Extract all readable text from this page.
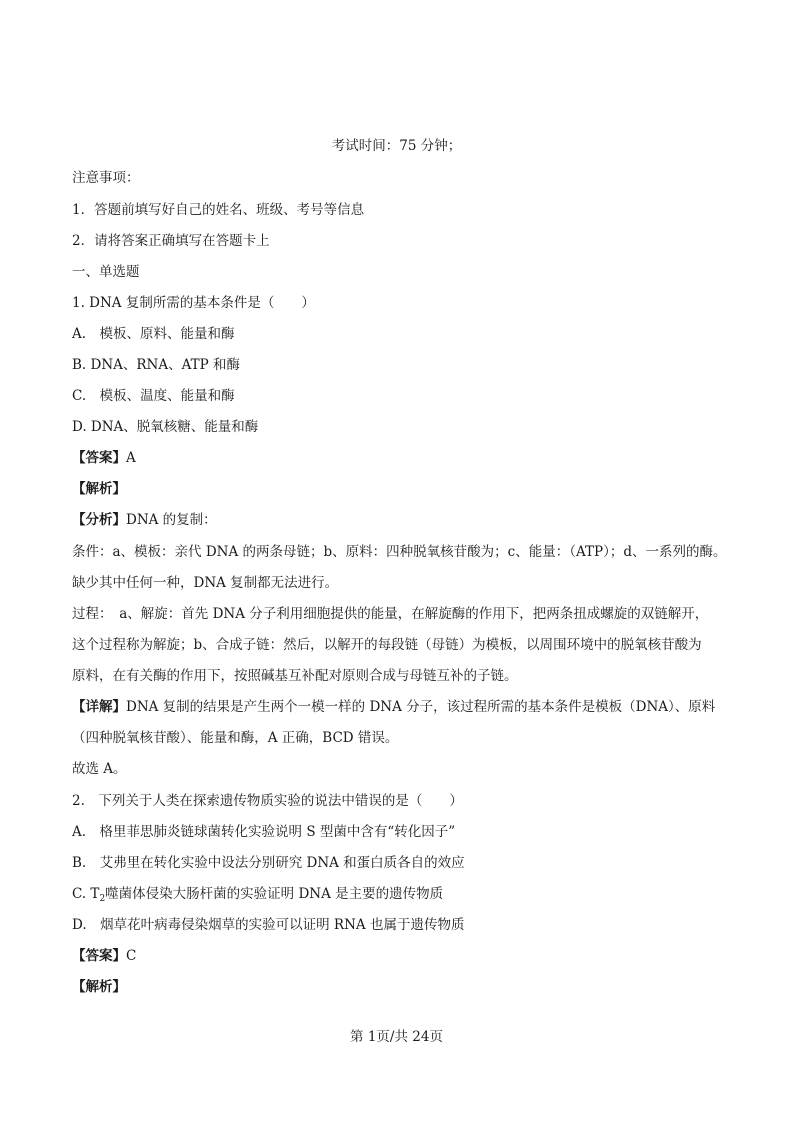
考试时间：75 分钟；
注意事项：
1．答题前填写好自己的姓名、班级、考号等信息
2．请将答案正确填写在答题卡上
一、单选题
1. DNA 复制所需的基本条件是（　　）
A.　模板、原料、能量和酶
B. DNA、RNA、ATP 和酶
C.　模板、温度、能量和酶
D. DNA、脱氧核糖、能量和酶
【答案】A
【解析】
【分析】DNA 的复制：
条件：a、模板：亲代 DNA 的两条母链；b、原料：四种脱氧核苷酸为；c、能量：（ATP）；d、一系列的酶。
缺少其中任何一种，DNA 复制都无法进行。
过程：　a、解旋：首先 DNA 分子利用细胞提供的能量，在解旋酶的作用下，把两条扭成螺旋的双链解开，
这个过程称为解旋；b、合成子链：然后，以解开的每段链（母链）为模板，以周围环境中的脱氧核苷酸为
原料，在有关酶的作用下，按照碱基互补配对原则合成与母链互补的子链。
【详解】DNA 复制的结果是产生两个一模一样的 DNA 分子，该过程所需的基本条件是模板（DNA）、原料
（四种脱氧核苷酸）、能量和酶，A 正确，BCD 错误。
故选 A。
2.　下列关于人类在探索遗传物质实验的说法中错误的是（　　）
A.　格里菲思肺炎链球菌转化实验说明 S 型菌中含有“转化因子”
B.　艾弗里在转化实验中设法分别研究 DNA 和蛋白质各自的效应
C. $T_2$噬菌体侵染大肠杆菌的实验证明 DNA 是主要的遗传物质
D.　烟草花叶病毒侵染烟草的实验可以证明 RNA 也属于遗传物质
【答案】C
【解析】
第 1页/共 24页
